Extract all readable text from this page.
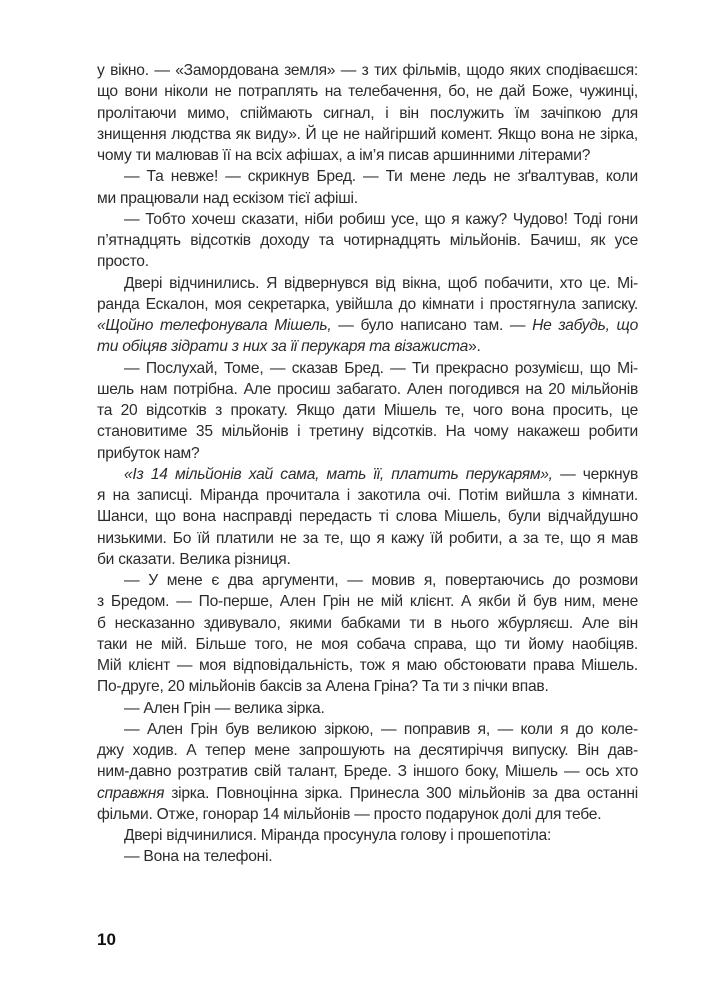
у вікно. — «Замордована земля» — з тих фільмів, щодо яких сподіваєшся:
що вони ніколи не потраплять на телебачення, бо, не дай Боже, чужинці,
пролітаючи мимо, спіймають сигнал, і він послужить їм зачіпкою для
знищення людства як виду». Й це не найгірший комент. Якщо вона не зірка,
чому ти малював її на всіх афішах, а ім’я писав аршинними літерами?
— Та невже! — скрикнув Бред. — Ти мене ледь не зґвалтував, коли
ми працювали над ескізом тієї афіші.
— Тобто хочеш сказати, ніби робиш усе, що я кажу? Чудово! Тоді гони
п’ятнадцять відсотків доходу та чотирнадцять мільйонів. Бачиш, як усе
просто.
Двері відчинились. Я відвернувся від вікна, щоб побачити, хто це. Мі-
ранда Ескалон, моя секретарка, увійшла до кімнати і простягнула записку.
«Щойно телефонувала Мішель, — було написано там. — Не забудь, що
ти обіцяв зідрати з них за її перукаря та візажиста».
— Послухай, Томе, — сказав Бред. — Ти прекрасно розумієш, що Мі-
шель нам потрібна. Але просиш забагато. Ален погодився на 20 мільйонів
та 20 відсотків з прокату. Якщо дати Мішель те, чого вона просить, це
становитиме 35 мільйонів і третину відсотків. На чому накажеш робити
прибуток нам?
«Із 14 мільйонів хай сама, мать її, платить перукарям», — черкнув
я на записці. Міранда прочитала і закотила очі. Потім вийшла з кімнати.
Шанси, що вона насправді передасть ті слова Мішель, були відчайдушно
низькими. Бо їй платили не за те, що я кажу їй робити, а за те, що я мав
би сказати. Велика різниця.
— У мене є два аргументи, — мовив я, повертаючись до розмови
з Бредом. — По-перше, Ален Грін не мій клієнт. А якби й був ним, мене
б несказанно здивувало, якими бабками ти в нього жбурляєш. Але він
таки не мій. Більше того, не моя собача справа, що ти йому наобіцяв.
Мій клієнт — моя відповідальність, тож я маю обстоювати права Мішель.
По-друге, 20 мільйонів баксів за Алена Гріна? Та ти з пічки впав.
— Ален Грін — велика зірка.
— Ален Грін був великою зіркою, — поправив я, — коли я до коле-
джу ходив. А тепер мене запрошують на десятиріччя випуску. Він дав-
ним-давно розтратив свій талант, Бреде. З іншого боку, Мішель — ось хто
справжня зірка. Повноцінна зірка. Принесла 300 мільйонів за два останні
фільми. Отже, гонорар 14 мільйонів — просто подарунок долі для тебе.
Двері відчинилися. Міранда просунула голову і прошепотіла:
— Вона на телефоні.
10
